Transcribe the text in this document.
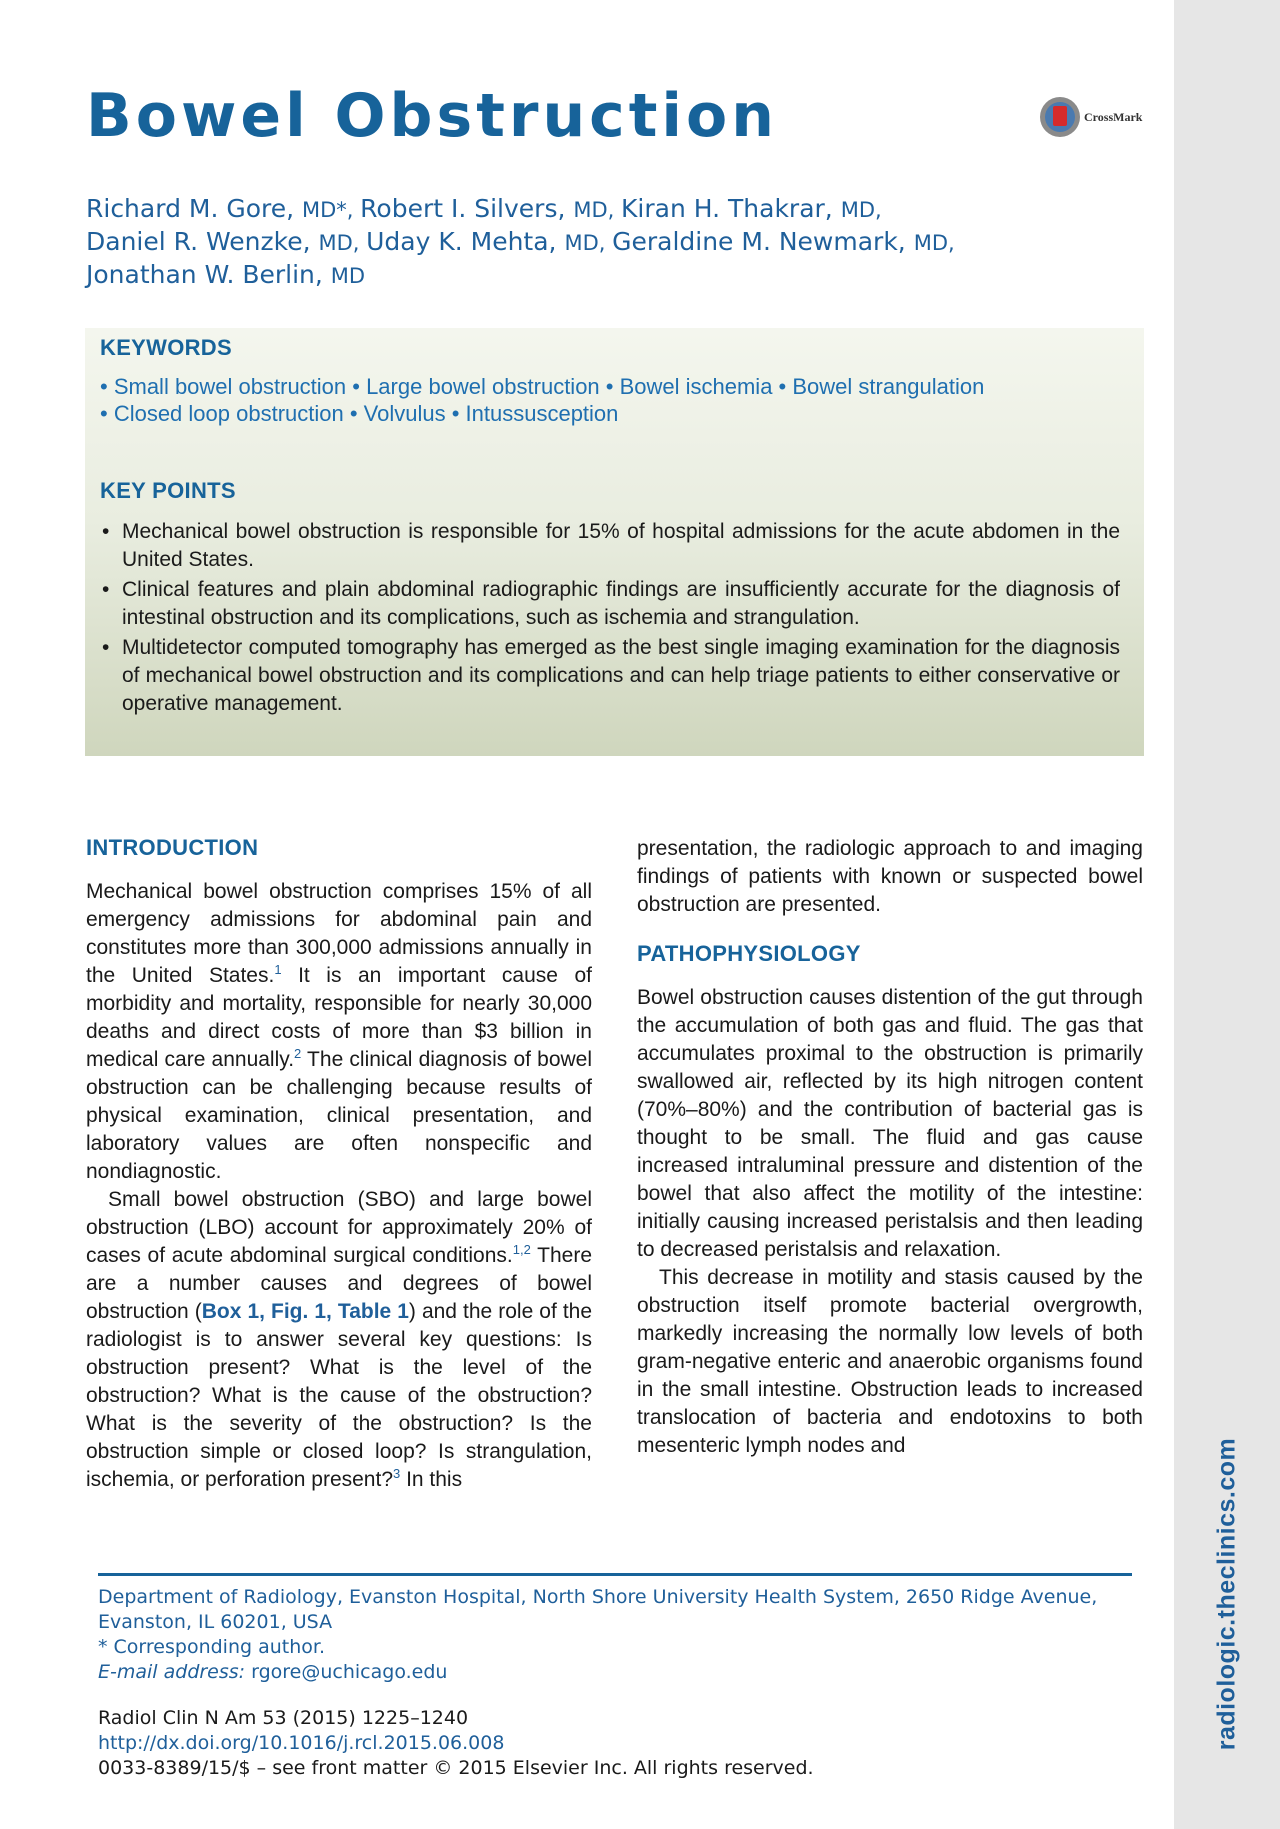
radiologic.theclinics.com
Bowel Obstruction	CrossMark
Richard M. Gore, MD*, Robert I. Silvers, MD, Kiran H. Thakrar, MD,
Daniel R. Wenzke, MD, Uday K. Mehta, MD, Geraldine M. Newmark, MD,
Jonathan W. Berlin, MD
KEYWORDS
• Small bowel obstruction • Large bowel obstruction • Bowel ischemia • Bowel strangulation
• Closed loop obstruction • Volvulus • Intussusception
KEY POINTS
• Mechanical bowel obstruction is responsible for 15% of hospital admissions for the acute abdomen in the United States.
• Clinical features and plain abdominal radiographic findings are insufficiently accurate for the diagnosis of intestinal obstruction and its complications, such as ischemia and strangulation.
• Multidetector computed tomography has emerged as the best single imaging examination for the diagnosis of mechanical bowel obstruction and its complications and can help triage patients to either conservative or operative management.
INTRODUCTION

Mechanical bowel obstruction comprises 15% of all emergency admissions for abdominal pain and constitutes more than 300,000 admissions annually in the United States.$^1$ It is an important cause of morbidity and mortality, responsible for nearly 30,000 deaths and direct costs of more than $3 billion in medical care annually.$^2$ The clinical diagnosis of bowel obstruction can be challenging because results of physical examination, clinical presentation, and laboratory values are often nonspecific and nondiagnostic.

Small bowel obstruction (SBO) and large bowel obstruction (LBO) account for approximately 20% of cases of acute abdominal surgical conditions.$^{1,2}$ There are a number causes and degrees of bowel obstruction (Box 1, Fig. 1, Table 1) and the role of the radiologist is to answer several key questions: Is obstruction present? What is the level of the obstruction? What is the cause of the obstruction? What is the severity of the obstruction? Is the obstruction simple or closed loop? Is strangulation, ischemia, or perforation present?$^3$ In this

presentation, the radiologic approach to and imaging findings of patients with known or suspected bowel obstruction are presented.

PATHOPHYSIOLOGY

Bowel obstruction causes distention of the gut through the accumulation of both gas and fluid. The gas that accumulates proximal to the obstruction is primarily swallowed air, reflected by its high nitrogen content (70%–80%) and the contribution of bacterial gas is thought to be small. The fluid and gas cause increased intraluminal pressure and distention of the bowel that also affect the motility of the intestine: initially causing increased peristalsis and then leading to decreased peristalsis and relaxation.

This decrease in motility and stasis caused by the obstruction itself promote bacterial overgrowth, markedly increasing the normally low levels of both gram-negative enteric and anaerobic organisms found in the small intestine. Obstruction leads to increased translocation of bacteria and endotoxins to both mesenteric lymph nodes and

Department of Radiology, Evanston Hospital, North Shore University Health System, 2650 Ridge Avenue, Evanston, IL 60201, USA
* Corresponding author.
E-mail address: rgore@uchicago.edu
Radiol Clin N Am 53 (2015) 1225–1240
http://dx.doi.org/10.1016/j.rcl.2015.06.008
0033-8389/15/$ – see front matter © 2015 Elsevier Inc. All rights reserved.
